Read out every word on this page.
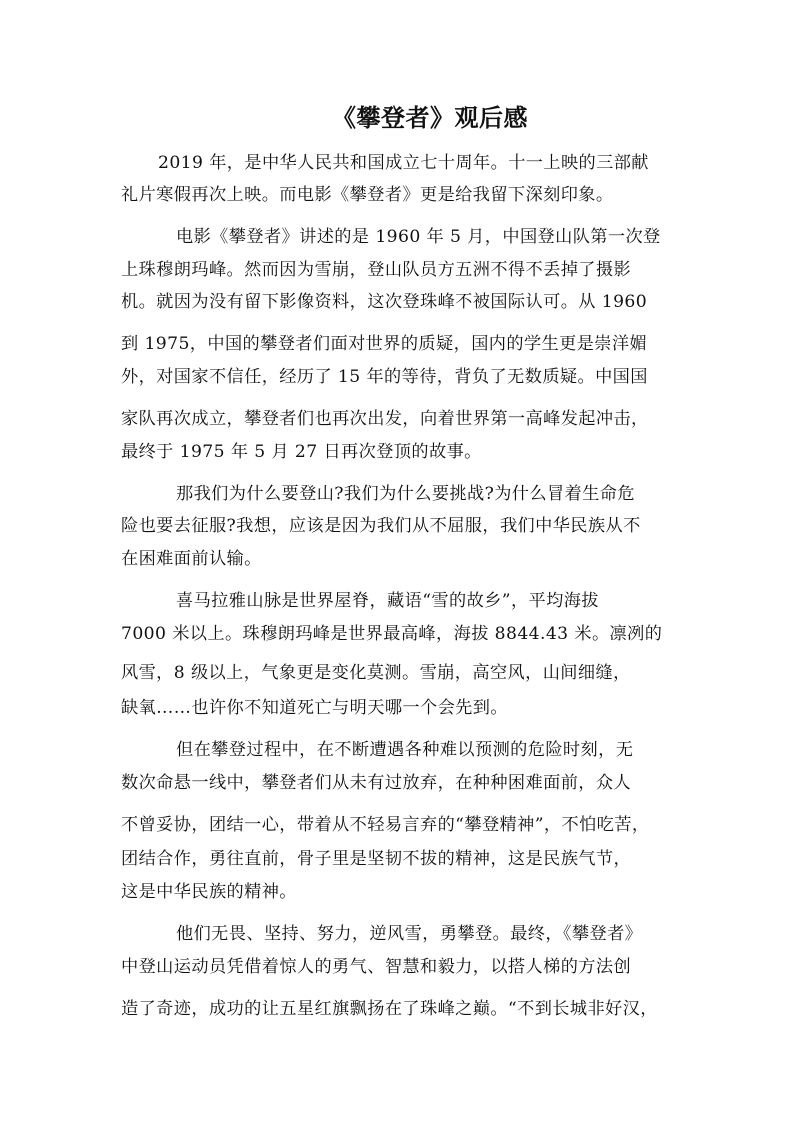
《攀登者》观后感
2019 年，是中华人民共和国成立七十周年。十一上映的三部献
礼片寒假再次上映。而电影《攀登者》更是给我留下深刻印象。
电影《攀登者》讲述的是 1960 年 5 月，中国登山队第一次登
上珠穆朗玛峰。然而因为雪崩，登山队员方五洲不得不丢掉了摄影
机。就因为没有留下影像资料，这次登珠峰不被国际认可。从 1960
到 1975，中国的攀登者们面对世界的质疑，国内的学生更是崇洋媚
外，对国家不信任，经历了 15 年的等待，背负了无数质疑。中国国
家队再次成立，攀登者们也再次出发，向着世界第一高峰发起冲击，
最终于 1975 年 5 月 27 日再次登顶的故事。
那我们为什么要登山?我们为什么要挑战?为什么冒着生命危
险也要去征服?我想，应该是因为我们从不屈服，我们中华民族从不
在困难面前认输。
喜马拉雅山脉是世界屋脊，藏语“雪的故乡”，平均海拔
7000 米以上。珠穆朗玛峰是世界最高峰，海拔 8844.43 米。凛冽的
风雪，8 级以上，气象更是变化莫测。雪崩，高空风，山间细缝，
缺氧……也许你不知道死亡与明天哪一个会先到。
但在攀登过程中，在不断遭遇各种难以预测的危险时刻，无
数次命悬一线中，攀登者们从未有过放弃，在种种困难面前，众人
不曾妥协，团结一心，带着从不轻易言弃的“攀登精神”，不怕吃苦，
团结合作，勇往直前，骨子里是坚韧不拔的精神，这是民族气节，
这是中华民族的精神。
他们无畏、坚持、努力，逆风雪，勇攀登。最终，《攀登者》
中登山运动员凭借着惊人的勇气、智慧和毅力，以搭人梯的方法创
造了奇迹，成功的让五星红旗飘扬在了珠峰之巅。“不到长城非好汉，
